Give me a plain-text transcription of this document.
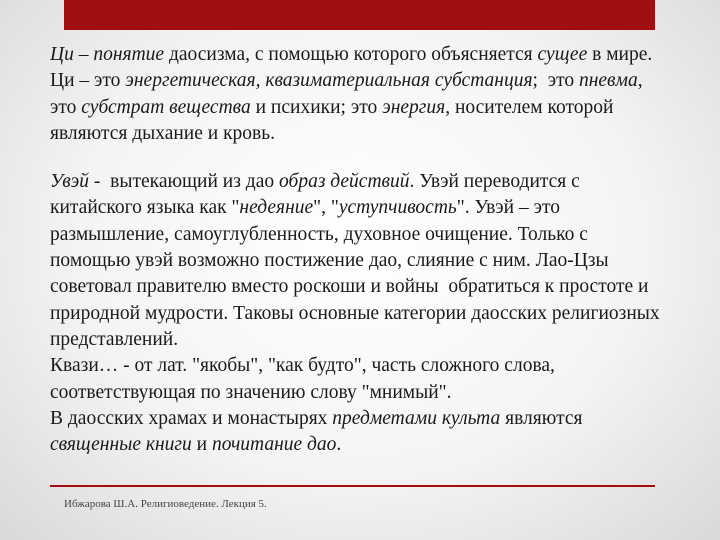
Ци – понятие даосизма, с помощью которого объясняется сущее в мире. Ци – это энергетическая, квазиматериальная субстанция;  это пневма, это субстрат вещества и психики; это энергия, носителем которой  являются дыхание и кровь.

Увэй -  вытекающий из дао образ действий. Увэй переводится с китайского языка как "недеяние", "уступчивость". Увэй – это размышление, самоуглубленность, духовное очищение. Только с помощью увэй возможно постижение дао, слияние с ним. Лао-Цзы советовал правителю вместо роскоши и войны  обратиться к простоте и природной мудрости. Таковы основные категории даосских религиозных  представлений.

Квази… - от лат. "якобы", "как будто", часть сложного слова, соответствующая по значению слову "мнимый".

В даосских храмах и монастырях предметами культа являются священные книги и почитание дао.

Ибжарова Ш.А. Религиоведение. Лекция 5.
